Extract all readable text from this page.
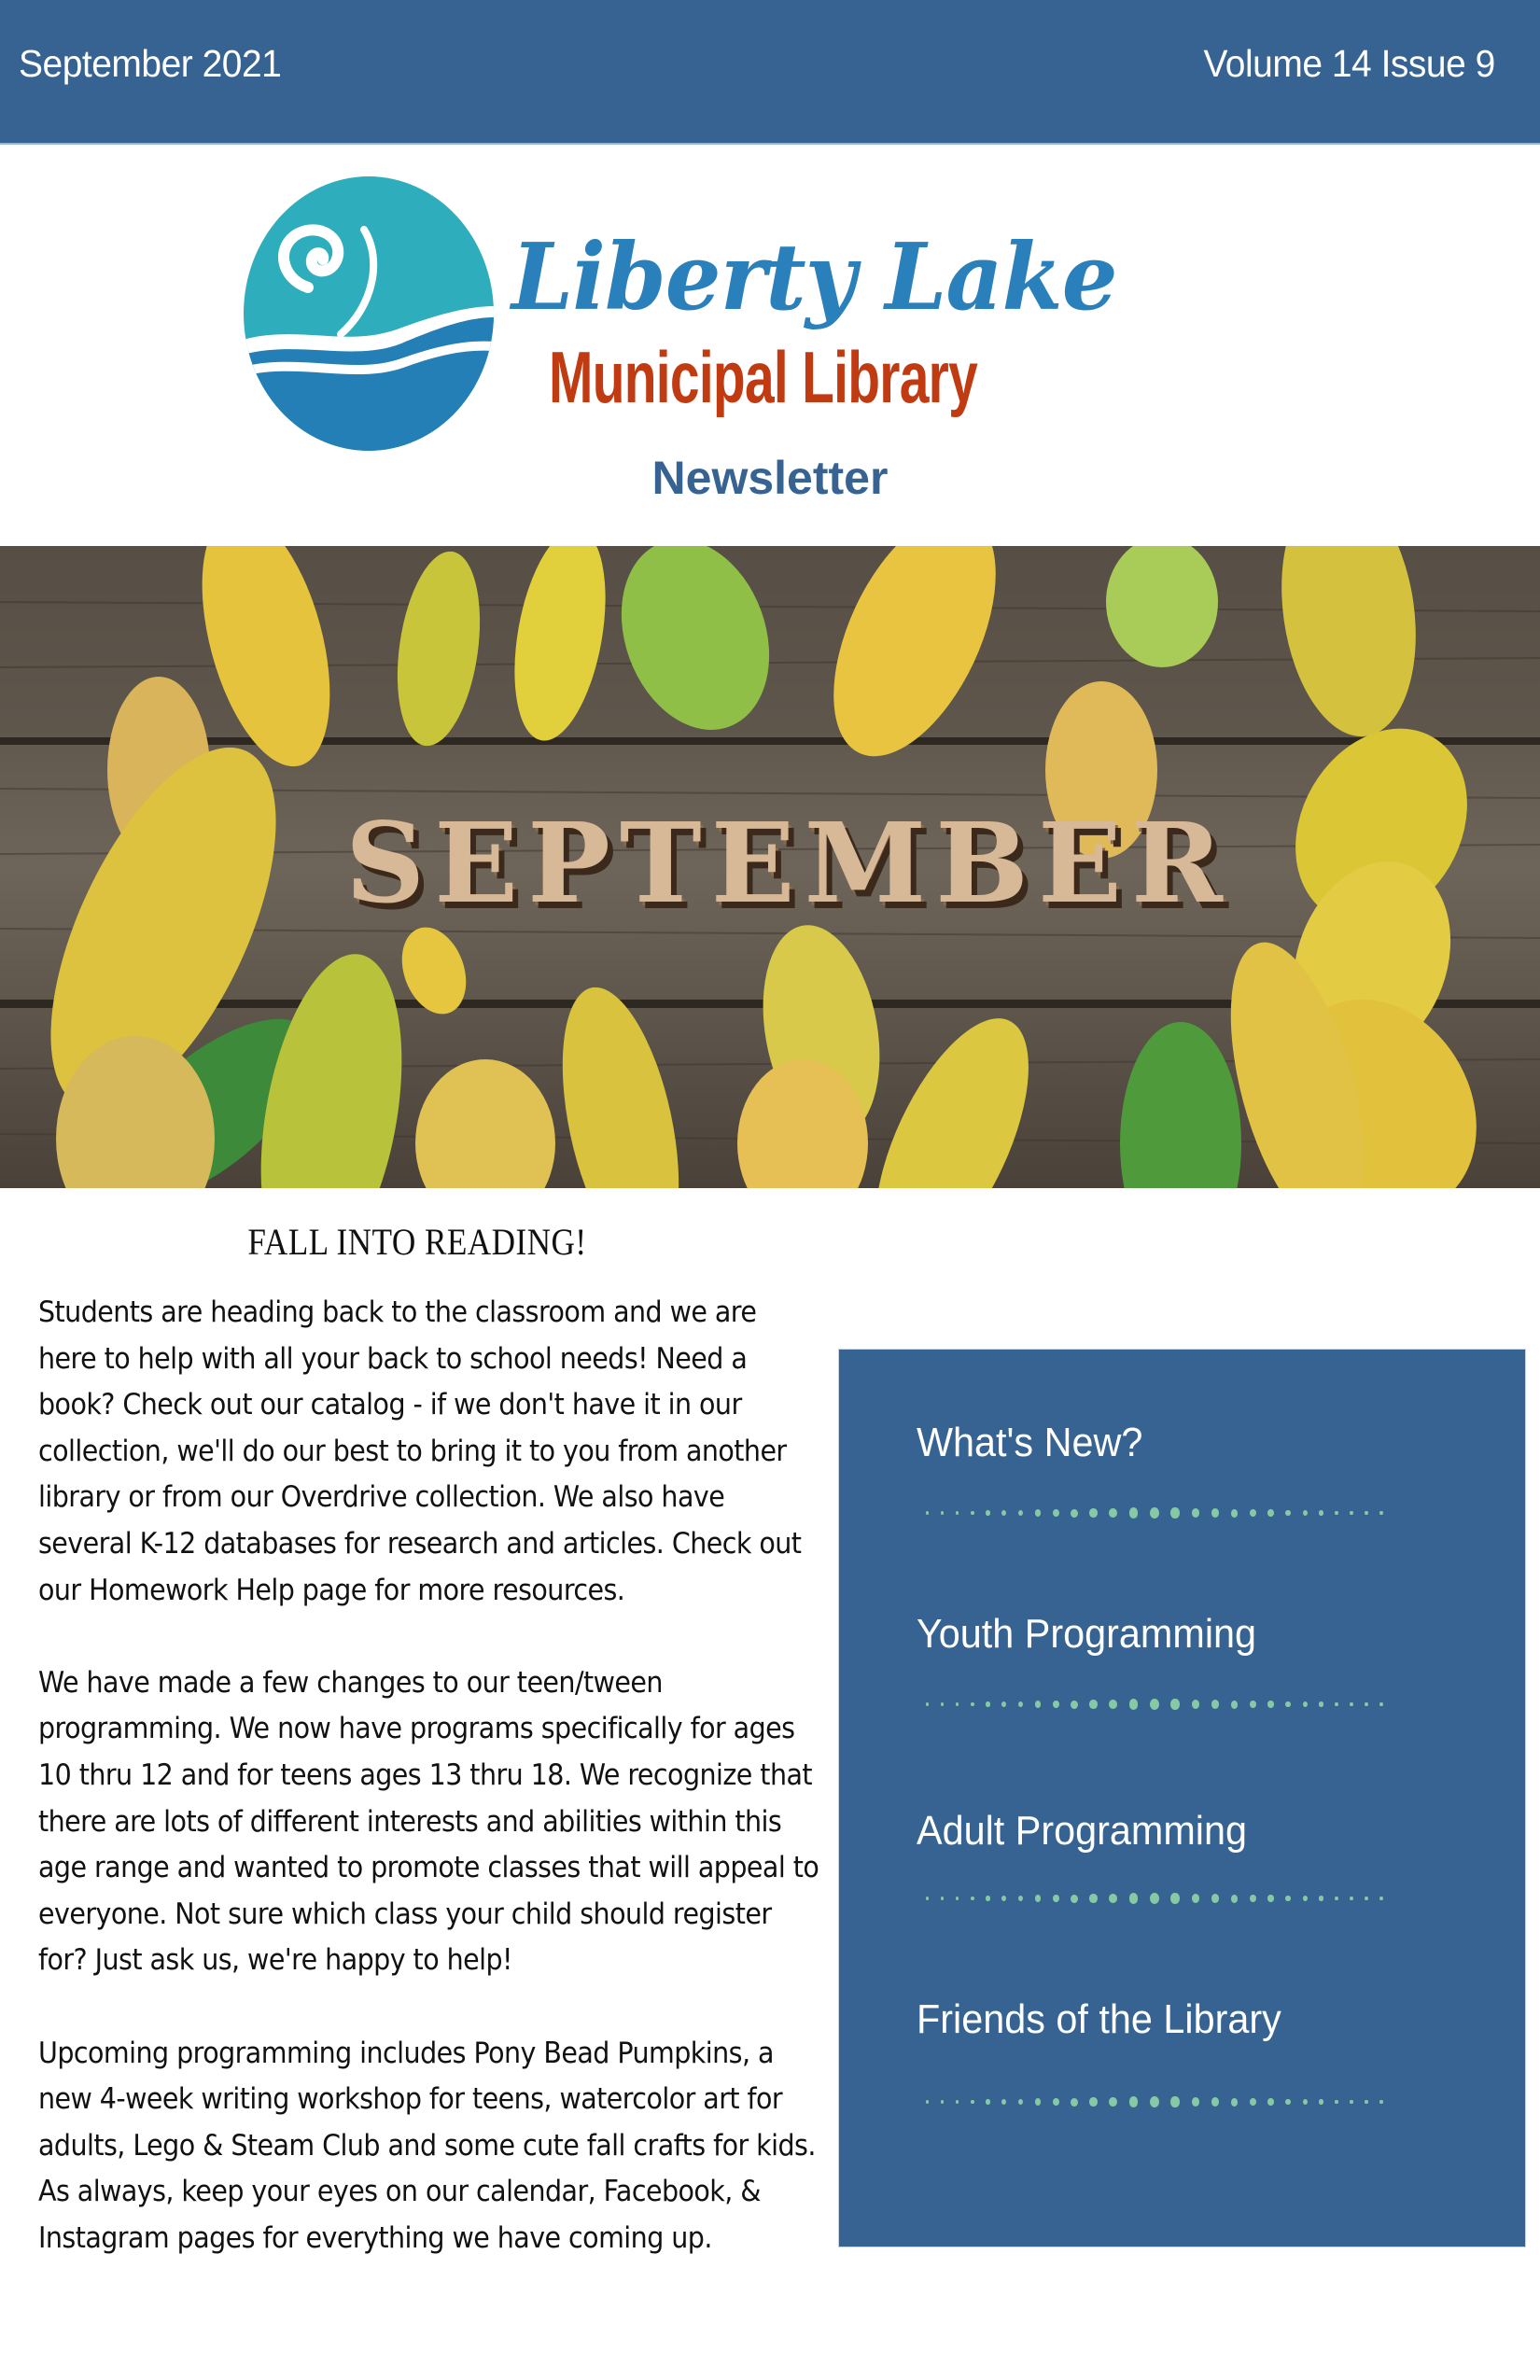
September 2021	Volume 14 Issue 9
Liberty Lake
Municipal Library
Newsletter
SEPTEMBER
FALL INTO READING!

Students are heading back to the classroom and we are here to help with all your back to school needs! Need a book? Check out our catalog - if we don't have it in our collection, we'll do our best to bring it to you from another library or from our Overdrive collection. We also have several K-12 databases for research and articles. Check out our Homework Help page for more resources.

We have made a few changes to our teen/tween programming. We now have programs specifically for ages 10 thru 12 and for teens ages 13 thru 18. We recognize that there are lots of different interests and abilities within this age range and wanted to promote classes that will appeal to everyone. Not sure which class your child should register for? Just ask us, we're happy to help!

Upcoming programming includes Pony Bead Pumpkins, a new 4-week writing workshop for teens, watercolor art for adults, Lego & Steam Club and some cute fall crafts for kids. As always, keep your eyes on our calendar, Facebook, & Instagram pages for everything we have coming up.

What's New?
Youth Programming
Adult Programming
Friends of the Library
